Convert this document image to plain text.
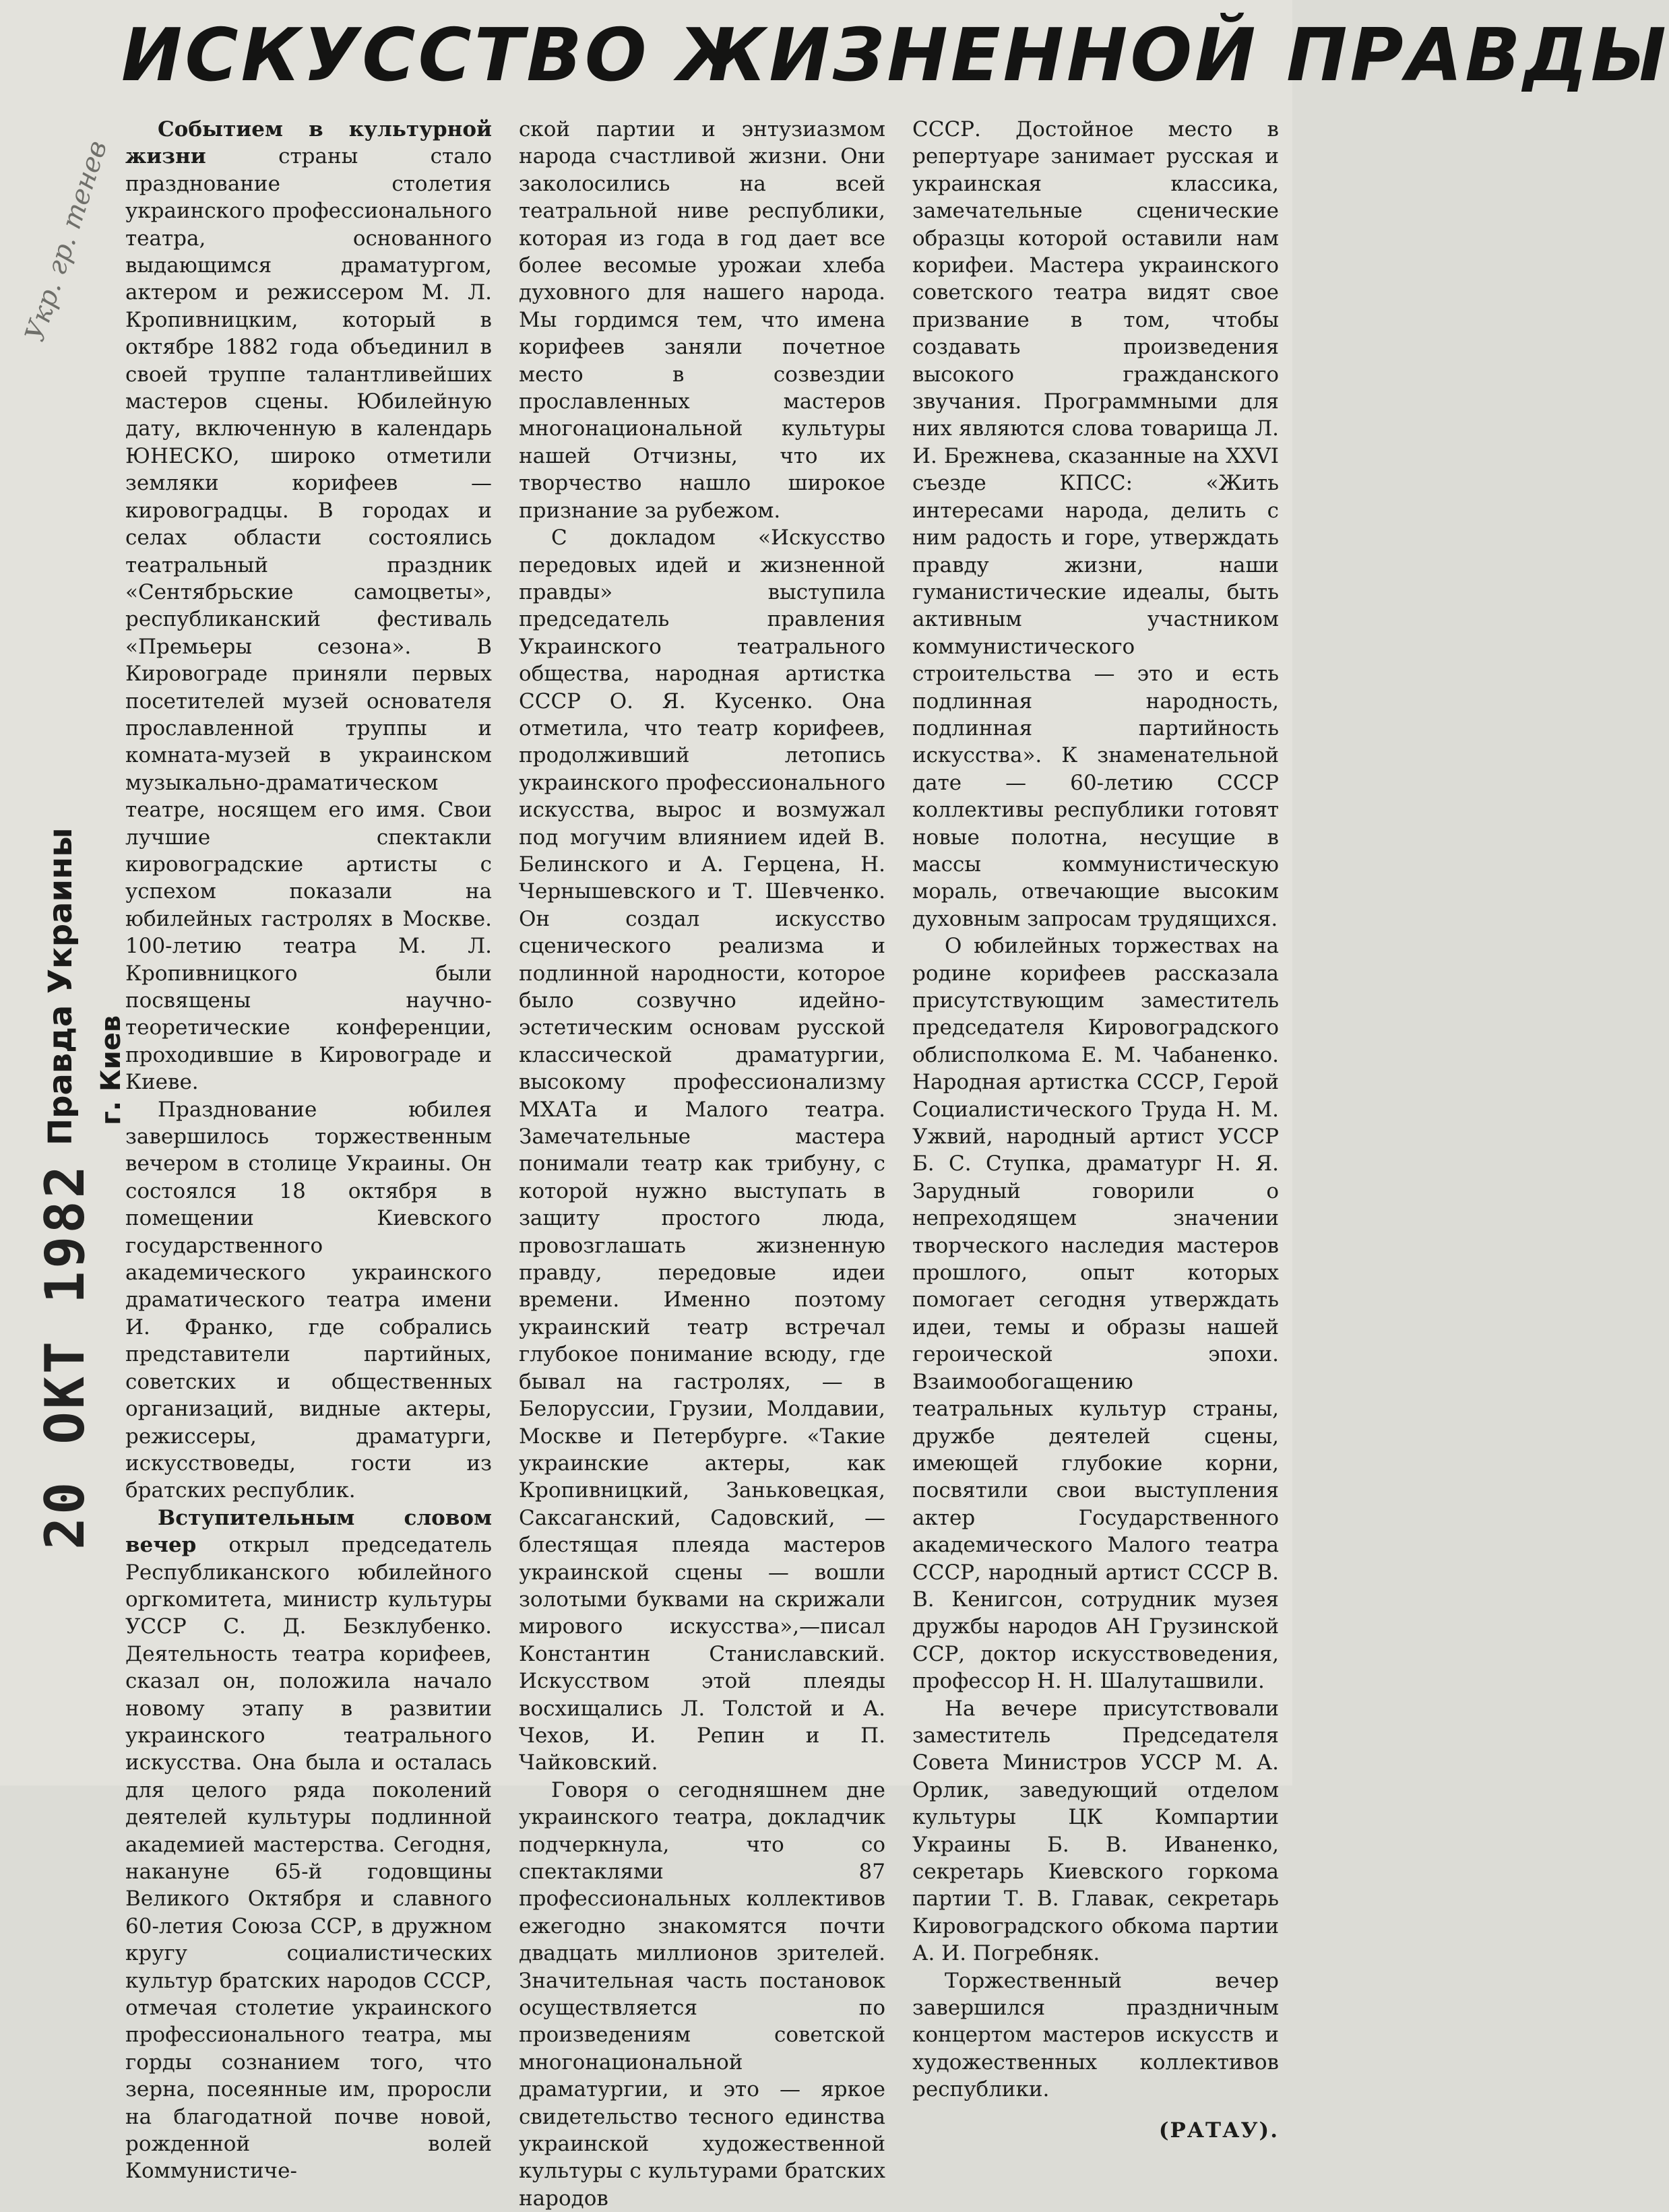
ИСКУССТВО ЖИЗНЕННОЙ ПРАВДЫ
Укр. гр. тенев
Правда Украины г. Киев
20 ОКТ 1982

Событием в культурной жизни страны стало празднование столетия украинского профессионального театра, основанного выдающимся драматургом, актером и режиссером М. Л. Кропивницким, который в октябре 1882 года объединил в своей труппе талантливейших мастеров сцены. Юбилейную дату, включенную в календарь ЮНЕСКО, широко отметили земляки корифеев — кировоградцы. В городах и селах области состоялись театральный праздник «Сентябрьские самоцветы», республиканский фестиваль «Премьеры сезона». В Кировограде приняли первых посетителей музей основателя прославленной труппы и комната-музей в украинском музыкально-драматическом театре, носящем его имя. Свои лучшие спектакли кировоградские артисты с успехом показали на юбилейных гастролях в Москве. 100-летию театра М. Л. Кропивницкого были посвящены научно-теоретические конференции, проходившие в Кировограде и Киеве.

Празднование юбилея завершилось торжественным вечером в столице Украины. Он состоялся 18 октября в помещении Киевского государственного академического украинского драматического театра имени И. Франко, где собрались представители партийных, советских и общественных организаций, видные актеры, режиссеры, драматурги, искусствоведы, гости из братских республик.

Вступительным словом вечер открыл председатель Республиканского юбилейного оргкомитета, министр культуры УССР С. Д. Безклубенко. Деятельность театра корифеев, сказал он, положила начало новому этапу в развитии украинского театрального искусства. Она была и осталась для целого ряда поколений деятелей культуры подлинной академией мастерства. Сегодня, накануне 65-й годовщины Великого Октября и славного 60-летия Союза ССР, в дружном кругу социалистических культур братских народов СССР, отмечая столетие украинского профессионального театра, мы горды сознанием того, что зерна, посеянные им, проросли на благодатной почве новой, рожденной волей Коммунистиче-

ской партии и энтузиазмом народа счастливой жизни. Они заколосились на всей театральной ниве республики, которая из года в год дает все более весомые урожаи хлеба духовного для нашего народа. Мы гордимся тем, что имена корифеев заняли почетное место в созвездии прославленных мастеров многонациональной культуры нашей Отчизны, что их творчество нашло широкое признание за рубежом.

С докладом «Искусство передовых идей и жизненной правды» выступила председатель правления Украинского театрального общества, народная артистка СССР О. Я. Кусенко. Она отметила, что театр корифеев, продолживший летопись украинского профессионального искусства, вырос и возмужал под могучим влиянием идей В. Белинского и А. Герцена, Н. Чернышевского и Т. Шевченко. Он создал искусство сценического реализма и подлинной народности, которое было созвучно идейно-эстетическим основам русской классической драматургии, высокому профессионализму МХАТа и Малого театра. Замечательные мастера понимали театр как трибуну, с которой нужно выступать в защиту простого люда, провозглашать жизненную правду, передовые идеи времени. Именно поэтому украинский театр встречал глубокое понимание всюду, где бывал на гастролях, — в Белоруссии, Грузии, Молдавии, Москве и Петербурге. «Такие украинские актеры, как Кропивницкий, Заньковецкая, Саксаганский, Садовский, — блестящая плеяда мастеров украинской сцены — вошли золотыми буквами на скрижали мирового искусства»,—писал Константин Станиславский. Искусством этой плеяды восхищались Л. Толстой и А. Чехов, И. Репин и П. Чайковский.

Говоря о сегодняшнем дне украинского театра, докладчик подчеркнула, что со спектаклями 87 профессиональных коллективов ежегодно знакомятся почти двадцать миллионов зрителей. Значительная часть постановок осуществляется по произведениям советской многонациональной драматургии, и это — яркое свидетельство тесного единства украинской художественной культуры с культурами братских народов

СССР. Достойное место в репертуаре занимает русская и украинская классика, замечательные сценические образцы которой оставили нам корифеи. Мастера украинского советского театра видят свое призвание в том, чтобы создавать произведения высокого гражданского звучания. Программными для них являются слова товарища Л. И. Брежнева, сказанные на XXVI съезде КПСС: «Жить интересами народа, делить с ним радость и горе, утверждать правду жизни, наши гуманистические идеалы, быть активным участником коммунистического строительства — это и есть подлинная народность, подлинная партийность искусства». К знаменательной дате — 60-летию СССР коллективы республики готовят новые полотна, несущие в массы коммунистическую мораль, отвечающие высоким духовным запросам трудящихся.

О юбилейных торжествах на родине корифеев рассказала присутствующим заместитель председателя Кировоградского облисполкома Е. М. Чабаненко. Народная артистка СССР, Герой Социалистического Труда Н. М. Ужвий, народный артист УССР Б. С. Ступка, драматург Н. Я. Зарудный говорили о непреходящем значении творческого наследия мастеров прошлого, опыт которых помогает сегодня утверждать идеи, темы и образы нашей героической эпохи. Взаимообогащению театральных культур страны, дружбе деятелей сцены, имеющей глубокие корни, посвятили свои выступления актер Государственного академического Малого театра СССР, народный артист СССР В. В. Кенигсон, сотрудник музея дружбы народов АН Грузинской ССР, доктор искусствоведения, профессор Н. Н. Шалуташвили.

На вечере присутствовали заместитель Председателя Совета Министров УССР М. А. Орлик, заведующий отделом культуры ЦК Компартии Украины Б. В. Иваненко, секретарь Киевского горкома партии Т. В. Главак, секретарь Кировоградского обкома партии А. И. Погребняк.

Торжественный вечер завершился праздничным концертом мастеров искусств и художественных коллективов республики.

(РАТАУ).
